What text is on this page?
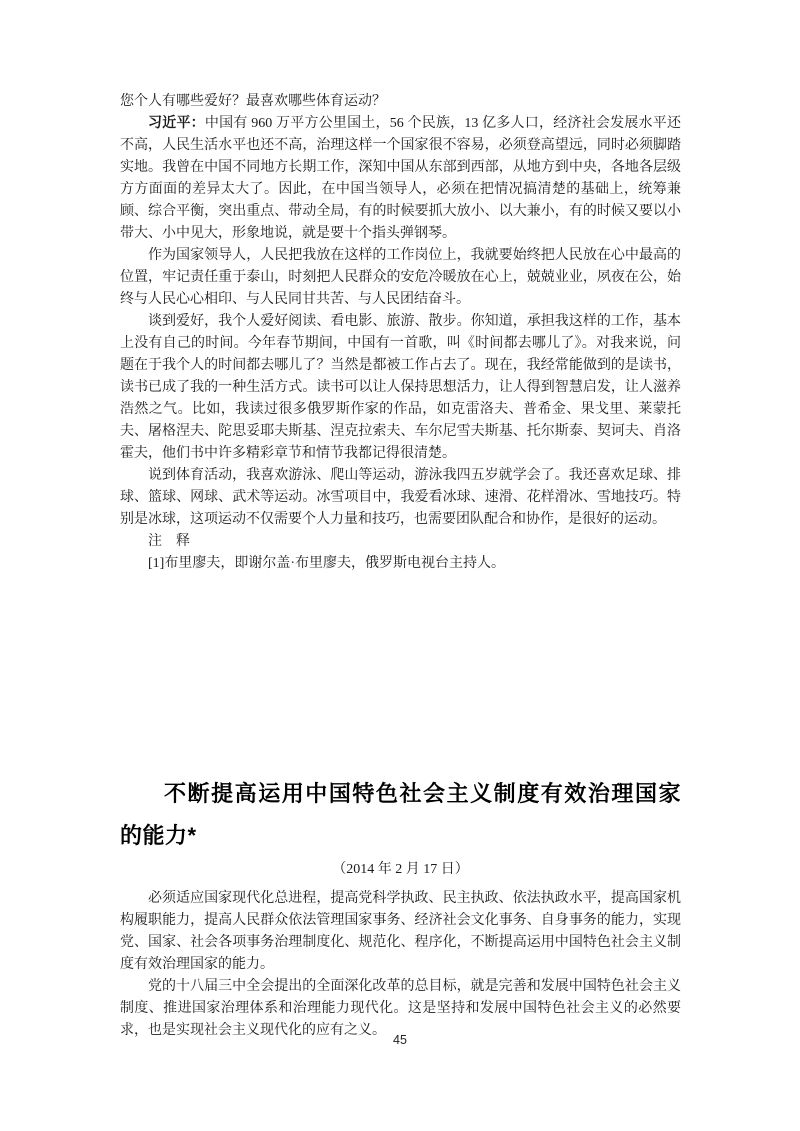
您个人有哪些爱好？最喜欢哪些体育运动？

习近平：中国有 960 万平方公里国土，56 个民族，13 亿多人口，经济社会发展水平还不高，人民生活水平也还不高，治理这样一个国家很不容易，必须登高望远，同时必须脚踏实地。我曾在中国不同地方长期工作，深知中国从东部到西部，从地方到中央，各地各层级方方面面的差异太大了。因此，在中国当领导人，必须在把情况搞清楚的基础上，统筹兼顾、综合平衡，突出重点、带动全局，有的时候要抓大放小、以大兼小，有的时候又要以小带大、小中见大，形象地说，就是要十个指头弹钢琴。

作为国家领导人，人民把我放在这样的工作岗位上，我就要始终把人民放在心中最高的位置，牢记责任重于泰山，时刻把人民群众的安危冷暖放在心上，兢兢业业，夙夜在公，始终与人民心心相印、与人民同甘共苦、与人民团结奋斗。

谈到爱好，我个人爱好阅读、看电影、旅游、散步。你知道，承担我这样的工作，基本上没有自己的时间。今年春节期间，中国有一首歌，叫《时间都去哪儿了》。对我来说，问题在于我个人的时间都去哪儿了？当然是都被工作占去了。现在，我经常能做到的是读书，读书已成了我的一种生活方式。读书可以让人保持思想活力，让人得到智慧启发，让人滋养浩然之气。比如，我读过很多俄罗斯作家的作品，如克雷洛夫、普希金、果戈里、莱蒙托夫、屠格涅夫、陀思妥耶夫斯基、涅克拉索夫、车尔尼雪夫斯基、托尔斯泰、契诃夫、肖洛霍夫，他们书中许多精彩章节和情节我都记得很清楚。

说到体育活动，我喜欢游泳、爬山等运动，游泳我四五岁就学会了。我还喜欢足球、排球、篮球、网球、武术等运动。冰雪项目中，我爱看冰球、速滑、花样滑冰、雪地技巧。特别是冰球，这项运动不仅需要个人力量和技巧，也需要团队配合和协作，是很好的运动。

注　释

[1]布里廖夫，即谢尔盖·布里廖夫，俄罗斯电视台主持人。

不断提高运用中国特色社会主义制度有效治理国家的能力*

（2014 年 2 月 17 日）

必须适应国家现代化总进程，提高党科学执政、民主执政、依法执政水平，提高国家机构履职能力，提高人民群众依法管理国家事务、经济社会文化事务、自身事务的能力，实现党、国家、社会各项事务治理制度化、规范化、程序化，不断提高运用中国特色社会主义制度有效治理国家的能力。

党的十八届三中全会提出的全面深化改革的总目标，就是完善和发展中国特色社会主义制度、推进国家治理体系和治理能力现代化。这是坚持和发展中国特色社会主义的必然要求，也是实现社会主义现代化的应有之义。

45
